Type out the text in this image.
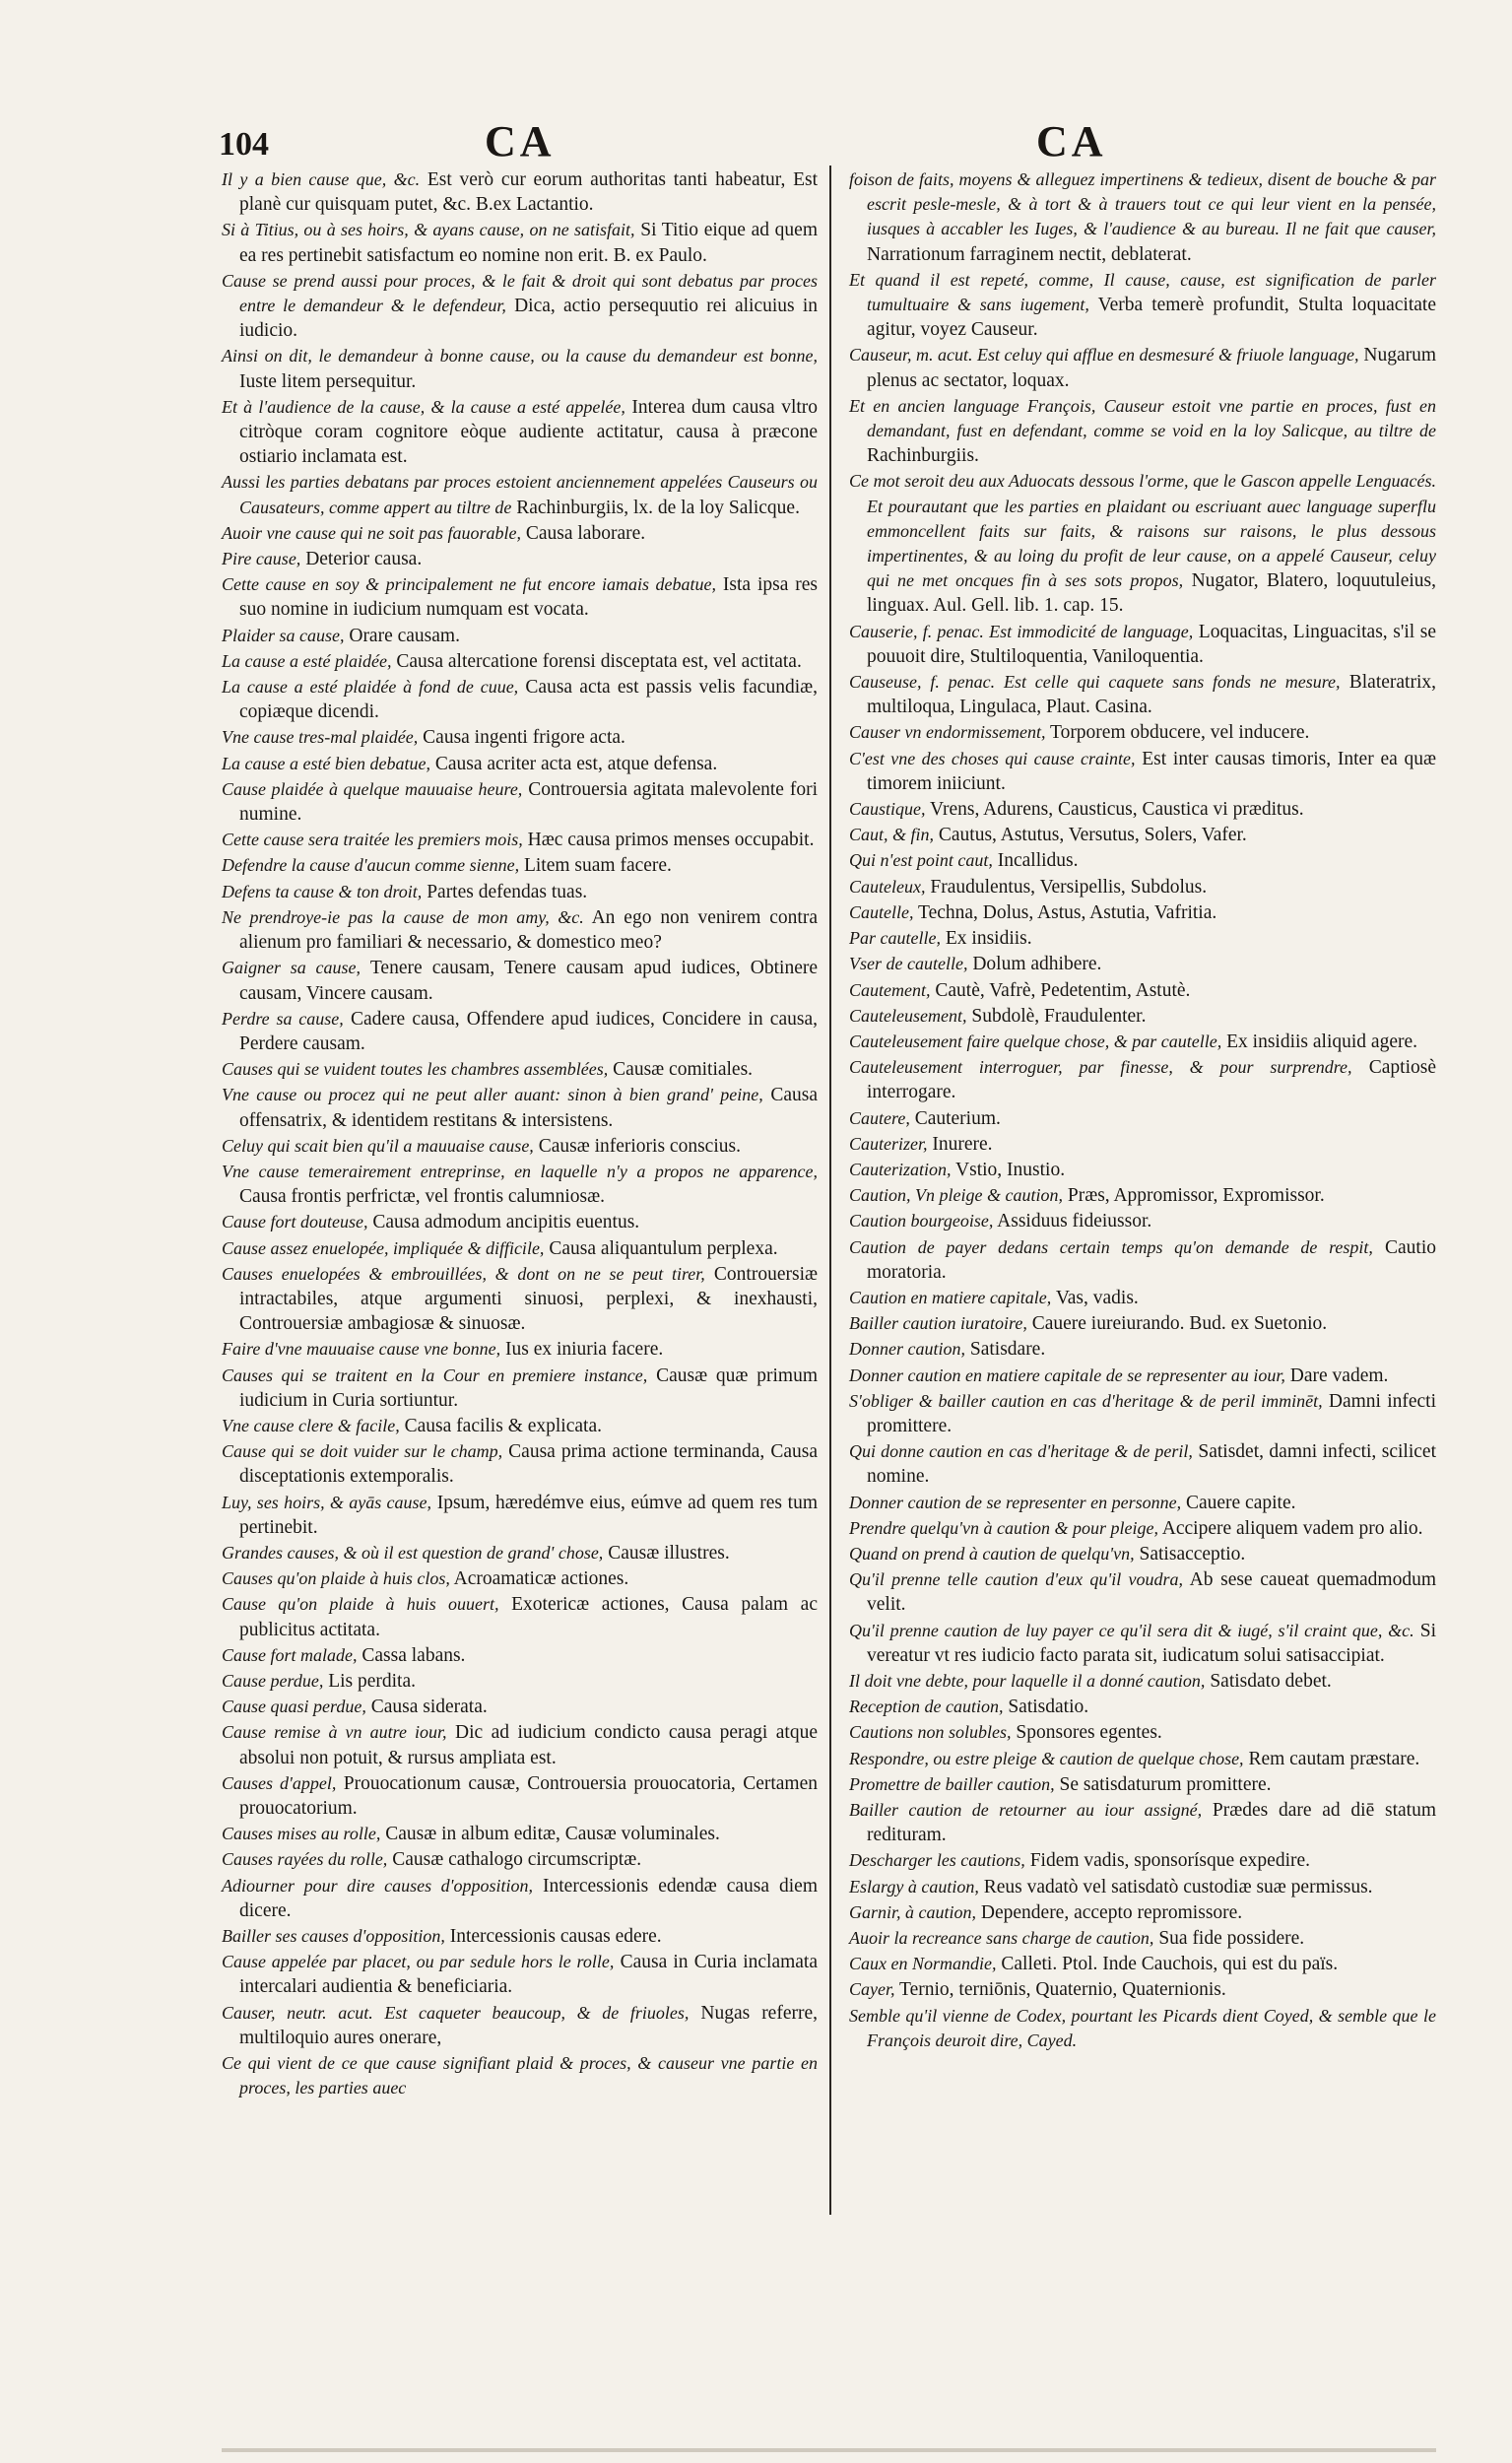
104	CA	CA

Il y a bien cause que, &c. Est verò cur eorum authoritas tanti habeatur, Est planè cur quisquam putet, &c. B.ex Lactantio.

Si à Titius, ou à ses hoirs, & ayans cause, on ne satisfait, Si Titio eique ad quem ea res pertinebit satisfactum eo nomine non erit. B. ex Paulo.

Cause se prend aussi pour proces, & le fait & droit qui sont debatus par proces entre le demandeur & le defendeur, Dica, actio persequutio rei alicuius in iudicio.

Ainsi on dit, le demandeur à bonne cause, ou la cause du demandeur est bonne, Iuste litem persequitur.

Et à l'audience de la cause, & la cause a esté appelée, Interea dum causa vltro citròque coram cognitore eòque audiente actitatur, causa à præcone ostiario inclamata est.

Aussi les parties debatans par proces estoient anciennement appelées Causeurs ou Causateurs, comme appert au tiltre de Rachinburgiis, lx. de la loy Salicque.

Auoir vne cause qui ne soit pas fauorable, Causa laborare.

Pire cause, Deterior causa.

Cette cause en soy & principalement ne fut encore iamais debatue, Ista ipsa res suo nomine in iudicium numquam est vocata.

Plaider sa cause, Orare causam.

La cause a esté plaidée, Causa altercatione forensi disceptata est, vel actitata.

La cause a esté plaidée à fond de cuue, Causa acta est passis velis facundiæ, copiæque dicendi.

Vne cause tres-mal plaidée, Causa ingenti frigore acta.

La cause a esté bien debatue, Causa acriter acta est, atque defensa.

Cause plaidée à quelque mauuaise heure, Controuersia agitata malevolente fori numine.

Cette cause sera traitée les premiers mois, Hæc causa primos menses occupabit.

Defendre la cause d'aucun comme sienne, Litem suam facere.

Defens ta cause & ton droit, Partes defendas tuas.

Ne prendroye-ie pas la cause de mon amy, &c. An ego non venirem contra alienum pro familiari & necessario, & domestico meo?

Gaigner sa cause, Tenere causam, Tenere causam apud iudices, Obtinere causam, Vincere causam.

Perdre sa cause, Cadere causa, Offendere apud iudices, Concidere in causa, Perdere causam.

Causes qui se vuident toutes les chambres assemblées, Causæ comitiales.

Vne cause ou procez qui ne peut aller auant: sinon à bien grand' peine, Causa offensatrix, & identidem restitans & intersistens.

Celuy qui scait bien qu'il a mauuaise cause, Causæ inferioris conscius.

Vne cause temerairement entreprinse, en laquelle n'y a propos ne apparence, Causa frontis perfrictæ, vel frontis calumniosæ.

Cause fort douteuse, Causa admodum ancipitis euentus.

Cause assez enuelopée, impliquée & difficile, Causa aliquantulum perplexa.

Causes enuelopées & embrouillées, & dont on ne se peut tirer, Controuersiæ intractabiles, atque argumenti sinuosi, perplexi, & inexhausti, Controuersiæ ambagiosæ & sinuosæ.

Faire d'vne mauuaise cause vne bonne, Ius ex iniuria facere.

Causes qui se traitent en la Cour en premiere instance, Causæ quæ primum iudicium in Curia sortiuntur.

Vne cause clere & facile, Causa facilis & explicata.

Cause qui se doit vuider sur le champ, Causa prima actione terminanda, Causa disceptationis extemporalis.

Luy, ses hoirs, & ayās cause, Ipsum, hæredémve eius, eúmve ad quem res tum pertinebit.

Grandes causes, & où il est question de grand' chose, Causæ illustres.

Causes qu'on plaide à huis clos, Acroamaticæ actiones.

Cause qu'on plaide à huis ouuert, Exotericæ actiones, Causa palam ac publicitus actitata.

Cause fort malade, Cassa labans.

Cause perdue, Lis perdita.

Cause quasi perdue, Causa siderata.

Cause remise à vn autre iour, Dic ad iudicium condicto causa peragi atque absolui non potuit, & rursus ampliata est.

Causes d'appel, Prouocationum causæ, Controuersia prouocatoria, Certamen prouocatorium.

Causes mises au rolle, Causæ in album editæ, Causæ voluminales.

Causes rayées du rolle, Causæ cathalogo circumscriptæ.

Adiourner pour dire causes d'opposition, Intercessionis edendæ causa diem dicere.

Bailler ses causes d'opposition, Intercessionis causas edere.

Cause appelée par placet, ou par sedule hors le rolle, Causa in Curia inclamata intercalari audientia & beneficiaria.

Causer, neutr. acut. Est caqueter beaucoup, & de friuoles, Nugas referre, multiloquio aures onerare,

Ce qui vient de ce que cause signifiant plaid & proces, & causeur vne partie en proces, les parties auec

foison de faits, moyens & alleguez impertinens & tedieux, disent de bouche & par escrit pesle-mesle, & à tort & à trauers tout ce qui leur vient en la pensée, iusques à accabler les Iuges, & l'audience & au bureau. Il ne fait que causer, Narrationum farraginem nectit, deblaterat.

Et quand il est repeté, comme, Il cause, cause, est signification de parler tumultuaire & sans iugement, Verba temerè profundit, Stulta loquacitate agitur, voyez Causeur.

Causeur, m. acut. Est celuy qui afflue en desmesuré & friuole language, Nugarum plenus ac sectator, loquax.

Et en ancien language François, Causeur estoit vne partie en proces, fust en demandant, fust en defendant, comme se void en la loy Salicque, au tiltre de Rachinburgiis.

Ce mot seroit deu aux Aduocats dessous l'orme, que le Gascon appelle Lenguacés. Et pourautant que les parties en plaidant ou escriuant auec language superflu emmoncellent faits sur faits, & raisons sur raisons, le plus dessous impertinentes, & au loing du profit de leur cause, on a appelé Causeur, celuy qui ne met oncques fin à ses sots propos, Nugator, Blatero, loquutuleius, linguax. Aul. Gell. lib. 1. cap. 15.

Causerie, f. penac. Est immodicité de language, Loquacitas, Linguacitas, s'il se pouuoit dire, Stultiloquentia, Vaniloquentia.

Causeuse, f. penac. Est celle qui caquete sans fonds ne mesure, Blateratrix, multiloqua, Lingulaca, Plaut. Casina.

Causer vn endormissement, Torporem obducere, vel inducere.

C'est vne des choses qui cause crainte, Est inter causas timoris, Inter ea quæ timorem iniiciunt.

Caustique, Vrens, Adurens, Causticus, Caustica vi præditus.

Caut, & fin, Cautus, Astutus, Versutus, Solers, Vafer.

Qui n'est point caut, Incallidus.

Cauteleux, Fraudulentus, Versipellis, Subdolus.

Cautelle, Techna, Dolus, Astus, Astutia, Vafritia.

Par cautelle, Ex insidiis.

Vser de cautelle, Dolum adhibere.

Cautement, Cautè, Vafrè, Pedetentim, Astutè.

Cauteleusement, Subdolè, Fraudulenter.

Cauteleusement faire quelque chose, & par cautelle, Ex insidiis aliquid agere.

Cauteleusement interroguer, par finesse, & pour surprendre, Captiosè interrogare.

Cautere, Cauterium.

Cauterizer, Inurere.

Cauterization, Vstio, Inustio.

Caution, Vn pleige & caution, Præs, Appromissor, Expromissor.

Caution bourgeoise, Assiduus fideiussor.

Caution de payer dedans certain temps qu'on demande de respit, Cautio moratoria.

Caution en matiere capitale, Vas, vadis.

Bailler caution iuratoire, Cauere iureiurando. Bud. ex Suetonio.

Donner caution, Satisdare.

Donner caution en matiere capitale de se representer au iour, Dare vadem.

S'obliger & bailler caution en cas d'heritage & de peril imminēt, Damni infecti promittere.

Qui donne caution en cas d'heritage & de peril, Satisdet, damni infecti, scilicet nomine.

Donner caution de se representer en personne, Cauere capite.

Prendre quelqu'vn à caution & pour pleige, Accipere aliquem vadem pro alio.

Quand on prend à caution de quelqu'vn, Satisacceptio.

Qu'il prenne telle caution d'eux qu'il voudra, Ab sese caueat quemadmodum velit.

Qu'il prenne caution de luy payer ce qu'il sera dit & iugé, s'il craint que, &c. Si vereatur vt res iudicio facto parata sit, iudicatum solui satisaccipiat.

Il doit vne debte, pour laquelle il a donné caution, Satisdato debet.

Reception de caution, Satisdatio.

Cautions non solubles, Sponsores egentes.

Respondre, ou estre pleige & caution de quelque chose, Rem cautam præstare.

Promettre de bailler caution, Se satisdaturum promittere.

Bailler caution de retourner au iour assigné, Prædes dare ad diē statum redituram.

Descharger les cautions, Fidem vadis, sponsorísque expedire.

Eslargy à caution, Reus vadatò vel satisdatò custodiæ suæ permissus.

Garnir, à caution, Dependere, accepto repromissore.

Auoir la recreance sans charge de caution, Sua fide possidere.

Caux en Normandie, Calleti. Ptol. Inde Cauchois, qui est du païs.

Cayer, Ternio, terniōnis, Quaternio, Quaternionis.

Semble qu'il vienne de Codex, pourtant les Picards dient Coyed, & semble que le François deuroit dire, Cayed.
